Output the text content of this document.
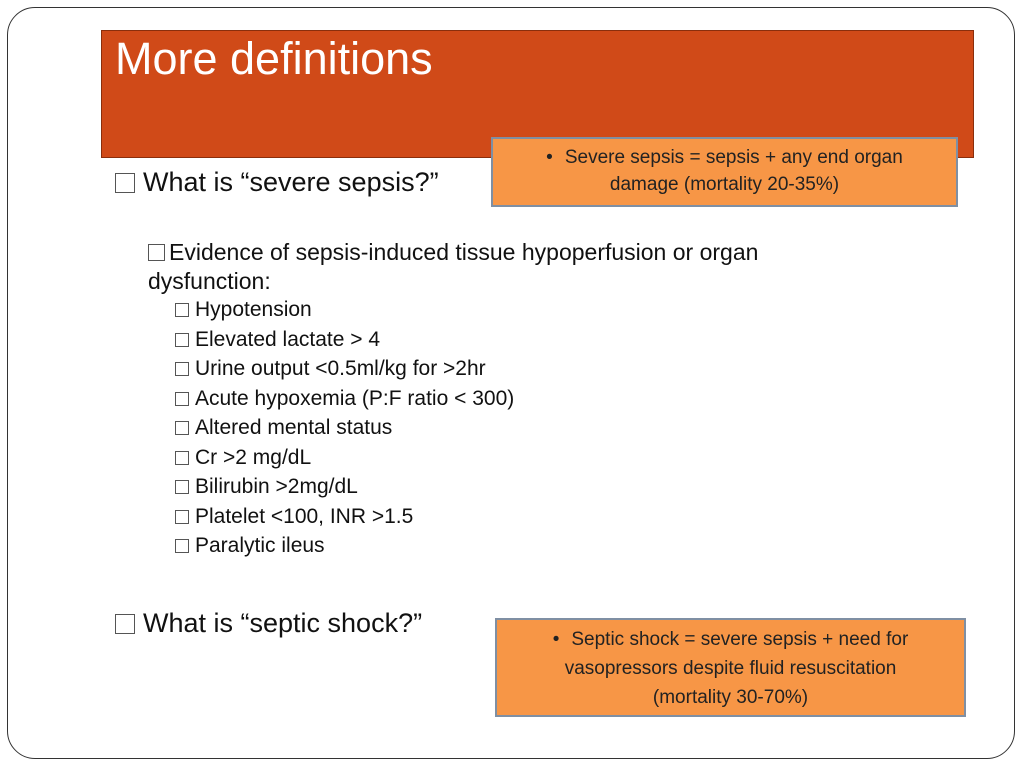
More definitions
What is “severe sepsis?”
• Severe sepsis = sepsis + any end organ
damage (mortality 20-35%)
Evidence of sepsis-induced tissue hypoperfusion or organ
dysfunction:
Hypotension
Elevated lactate > 4
Urine output <0.5ml/kg for >2hr
Acute hypoxemia (P:F ratio < 300)
Altered mental status
Cr >2 mg/dL
Bilirubin >2mg/dL
Platelet <100, INR >1.5
Paralytic ileus
What is “septic shock?”
• Septic shock = severe sepsis + need for
vasopressors despite fluid resuscitation
(mortality 30-70%)
